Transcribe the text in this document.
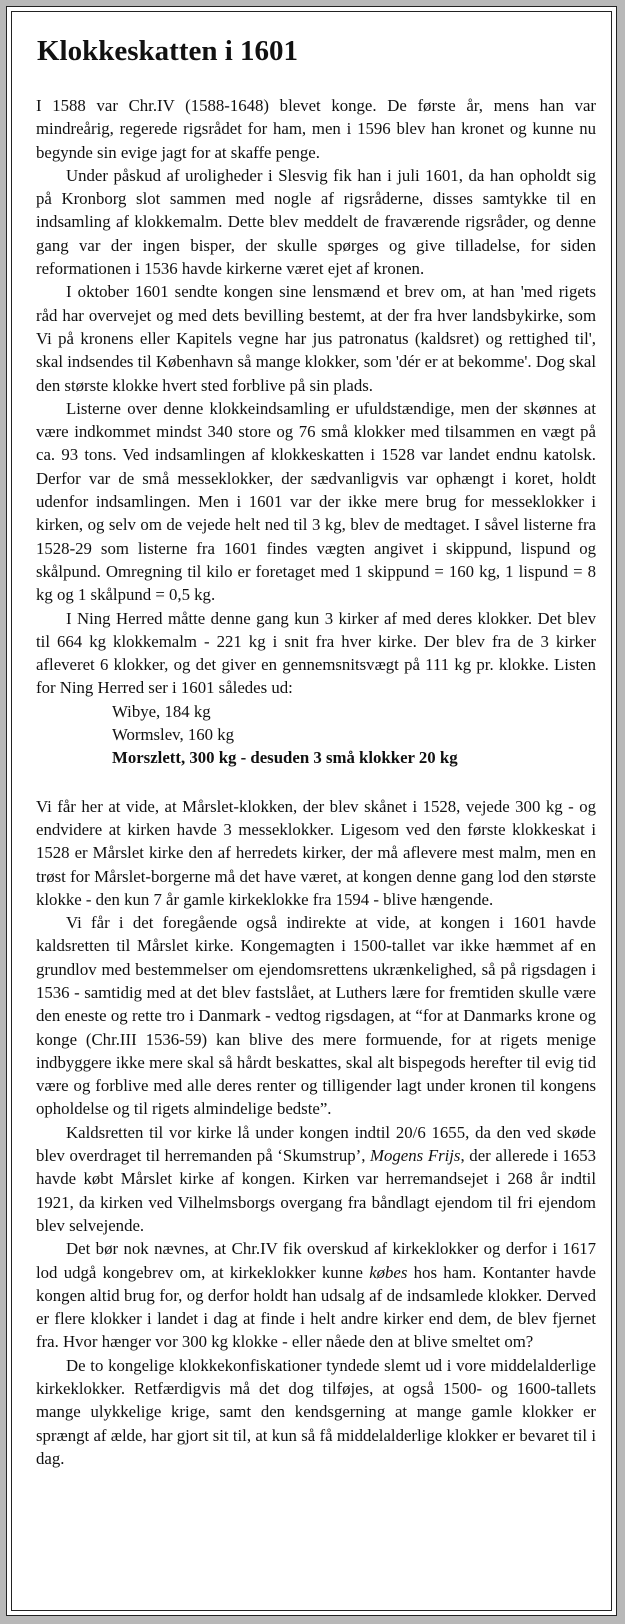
Klokkeskatten i 1601

I 1588 var Chr.IV (1588-1648) blevet konge. De første år, mens han var mindreårig, regerede rigsrådet for ham, men i 1596 blev han kronet og kunne nu begynde sin evige jagt for at skaffe penge.

Under påskud af uroligheder i Slesvig fik han i juli 1601, da han opholdt sig på Kronborg slot sammen med nogle af rigsråderne, disses samtykke til en indsamling af klokkemalm. Dette blev meddelt de fraværende rigsråder, og denne gang var der ingen bisper, der skulle spørges og give tilladelse, for siden reformationen i 1536 havde kirkerne været ejet af kronen.

I oktober 1601 sendte kongen sine lensmænd et brev om, at han 'med rigets råd har overvejet og med dets bevilling bestemt, at der fra hver landsbykirke, som Vi på kronens eller Kapitels vegne har jus patronatus (kaldsret) og rettighed til', skal indsendes til København så mange klokker, som 'dér er at bekomme'. Dog skal den største klokke hvert sted forblive på sin plads.

Listerne over denne klokkeindsamling er ufuldstændige, men der skønnes at være indkommet mindst 340 store og 76 små klokker med tilsammen en vægt på ca. 93 tons. Ved indsamlingen af klokkeskatten i 1528 var landet endnu katolsk. Derfor var de små messeklokker, der sædvanligvis var ophængt i koret, holdt udenfor indsamlingen. Men i 1601 var der ikke mere brug for messeklokker i kirken, og selv om de vejede helt ned til 3 kg, blev de medtaget. I såvel listerne fra 1528-29 som listerne fra 1601 findes vægten angivet i skippund, lispund og skålpund. Omregning til kilo er foretaget med 1 skippund = 160 kg, 1 lispund = 8 kg og 1 skålpund = 0,5 kg.

I Ning Herred måtte denne gang kun 3 kirker af med deres klokker. Det blev til 664 kg klokkemalm - 221 kg i snit fra hver kirke. Der blev fra de 3 kirker afleveret 6 klokker, og det giver en gennemsnitsvægt på 111 kg pr. klokke. Listen for Ning Herred ser i 1601 således ud:

Wibye, 184 kg
Wormslev, 160 kg
Morszlett, 300 kg - desuden 3 små klokker 20 kg

Vi får her at vide, at Mårslet-klokken, der blev skånet i 1528, vejede 300 kg - og endvidere at kirken havde 3 messeklokker. Ligesom ved den første klokkeskat i 1528 er Mårslet kirke den af herredets kirker, der må aflevere mest malm, men en trøst for Mårslet-borgerne må det have været, at kongen denne gang lod den største klokke - den kun 7 år gamle kirkeklokke fra 1594 - blive hængende.

Vi får i det foregående også indirekte at vide, at kongen i 1601 havde kaldsretten til Mårslet kirke. Kongemagten i 1500-tallet var ikke hæmmet af en grundlov med bestemmelser om ejendomsrettens ukrænkelighed, så på rigsdagen i 1536 - samtidig med at det blev fastslået, at Luthers lære for fremtiden skulle være den eneste og rette tro i Danmark - vedtog rigsdagen, at “for at Danmarks krone og konge (Chr.III 1536-59) kan blive des mere formuende, for at rigets menige indbyggere ikke mere skal så hårdt beskattes, skal alt bispegods herefter til evig tid være og forblive med alle deres renter og tilligender lagt under kronen til kongens opholdelse og til rigets almindelige bedste”.

Kaldsretten til vor kirke lå under kongen indtil 20/6 1655, da den ved skøde blev overdraget til herremanden på ‘Skumstrup’, Mogens Frijs, der allerede i 1653 havde købt Mårslet kirke af kongen. Kirken var herremandsejet i 268 år indtil 1921, da kirken ved Vilhelmsborgs overgang fra båndlagt ejendom til fri ejendom blev selvejende.

Det bør nok nævnes, at Chr.IV fik overskud af kirkeklokker og derfor i 1617 lod udgå kongebrev om, at kirkeklokker kunne købes hos ham. Kontanter havde kongen altid brug for, og derfor holdt han udsalg af de indsamlede klokker. Derved er flere klokker i landet i dag at finde i helt andre kirker end dem, de blev fjernet fra. Hvor hænger vor 300 kg klokke - eller nåede den at blive smeltet om?

De to kongelige klokkekonfiskationer tyndede slemt ud i vore middelalderlige kirkeklokker. Retfærdigvis må det dog tilføjes, at også 1500- og 1600-tallets mange ulykkelige krige, samt den kendsgerning at mange gamle klokker er sprængt af ælde, har gjort sit til, at kun så få middelalderlige klokker er bevaret til i dag.
